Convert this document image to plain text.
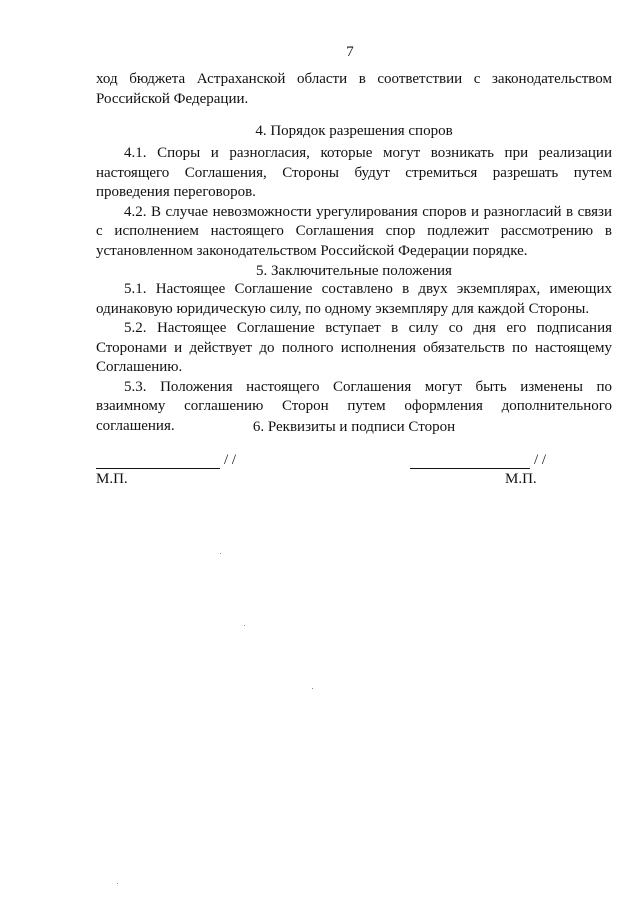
7

ход бюджета Астраханской области в соответствии с законодательством Российской Федерации.

4. Порядок разрешения споров

4.1. Споры и разногласия, которые могут возникать при реализации настоящего Соглашения, Стороны будут стремиться разрешать путем проведения переговоров.

4.2. В случае невозможности урегулирования споров и разногласий в связи с исполнением настоящего Соглашения спор подлежит рассмотрению в установленном законодательством Российской Федерации порядке.

5. Заключительные положения

5.1. Настоящее Соглашение составлено в двух экземплярах, имеющих одинаковую юридическую силу, по одному экземпляру для каждой Стороны.

5.2. Настоящее Соглашение вступает в силу со дня его подписания Сторонами и действует до полного исполнения обязательств по настоящему Соглашению.

5.3. Положения настоящего Соглашения могут быть изменены по взаимному соглашению Сторон путем оформления дополнительного соглашения.	6. Реквизиты и подписи Сторон
/ /
М.П.
/ /
М.П.
